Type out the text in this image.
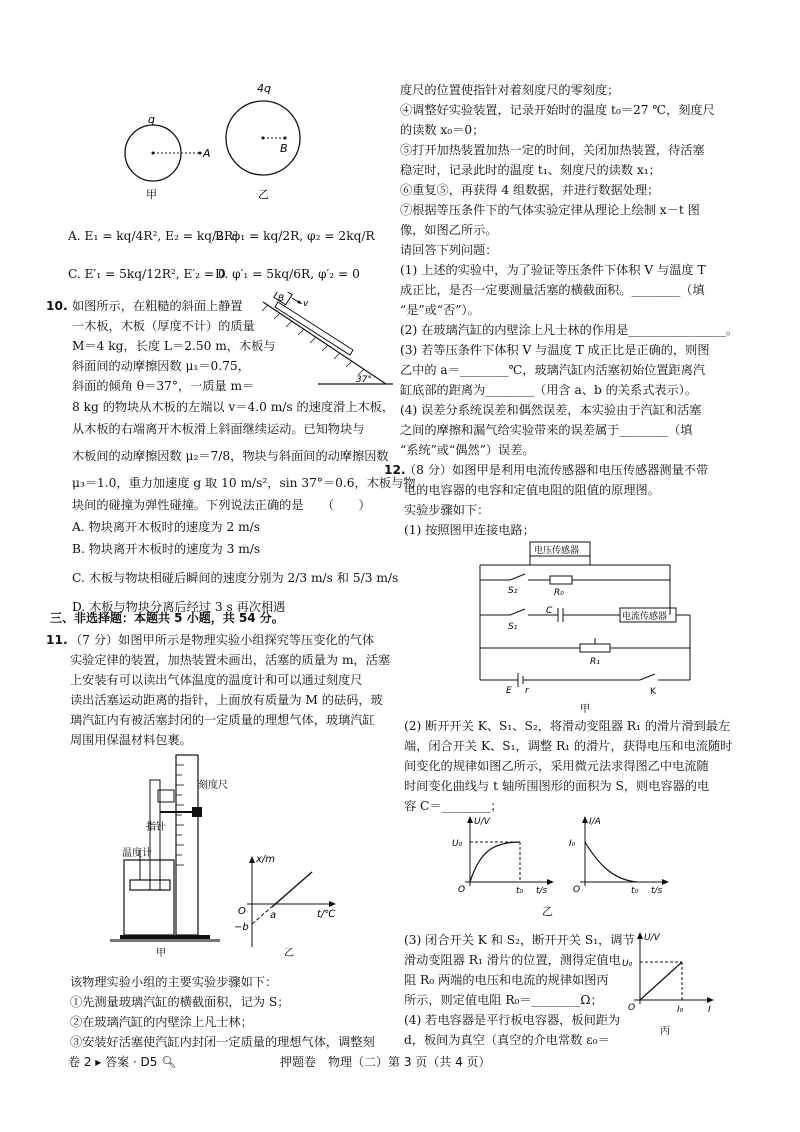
q
A
甲
4q
B
乙
A. E₁ = kq/4R², E₂ = kq/2R²
B. φ₁ = kq/2R, φ₂ = 2kq/R
C. E′₁ = 5kq/12R², E′₂ = 0
D. φ′₁ = 5kq/6R, φ′₂ = 0
10. 如图所示，在粗糙的斜面上静置
一木板，木板（厚度不计）的质量
M＝4 kg，长度 L＝2.50 m，木板与
斜面间的动摩擦因数 μ₁＝0.75，
斜面的倾角 θ＝37°，一质量 m＝
8 kg 的物块从木板的左端以 v＝4.0 m/s 的速度滑上木板，
从木板的右端离开木板滑上斜面继续运动。已知物块与
木板间的动摩擦因数 μ₂＝7/8，物块与斜面间的动摩擦因数
μ₃＝1.0，重力加速度 g 取 10 m/s²，sin 37°＝0.6，木板与物
块间的碰撞为弹性碰撞。下列说法正确的是　　（　　）
A. 物块离开木板时的速度为 2 m/s
B. 物块离开木板时的速度为 3 m/s
C. 木板与物块相碰后瞬间的速度分别为 2/3 m/s 和 5/3 m/s
D. 木板与物块分离后经过 3 s 再次相遇
B v
37°
三、非选择题：本题共 5 小题，共 54 分。
11. （7 分）如图甲所示是物理实验小组探究等压变化的气体
实验定律的装置，加热装置未画出，活塞的质量为 m，活塞
上安装有可以读出气体温度的温度计和可以通过刻度尺
读出活塞运动距离的指针，上面放有质量为 M 的砝码，玻
璃汽缸内有被活塞封闭的一定质量的理想气体，玻璃汽缸
周围用保温材料包裹。
刻度尺
指针
温度计
甲
x/m
t/℃
O a
−b
乙
该物理实验小组的主要实验步骤如下：
①先测量玻璃汽缸的横截面积，记为 S；
②在玻璃汽缸的内壁涂上凡士林；
③安装好活塞使汽缸内封闭一定质量的理想气体，调整刻
度尺的位置使指针对着刻度尺的零刻度；
④调整好实验装置，记录开始时的温度 t₀＝27 ℃，刻度尺
的读数 x₀＝0；
⑤打开加热装置加热一定的时间，关闭加热装置，待活塞
稳定时，记录此时的温度 t₁、刻度尺的读数 x₁；
⑥重复⑤，再获得 4 组数据，并进行数据处理；
⑦根据等压条件下的气体实验定律从理论上绘制 x－t 图
像，如图乙所示。
请回答下列问题：
(1) 上述的实验中，为了验证等压条件下体积 V 与温度 T
成正比，是否一定要测量活塞的横截面积。________（填
“是”或“否”）。
(2) 在玻璃汽缸的内壁涂上凡士林的作用是________________。
(3) 若等压条件下体积 V 与温度 T 成正比是正确的，则图
乙中的 a＝________℃，玻璃汽缸内活塞初始位置距离汽
缸底部的距离为________（用含 a、b 的关系式表示）。
(4) 误差分系统误差和偶然误差，本实验由于汽缸和活塞
之间的摩擦和漏气给实验带来的误差属于________（填
“系统”或“偶然”）误差。
12.
（8 分）如图甲是利用电流传感器和电压传感器测量不带
电的电容器的电容和定值电阻的阻值的原理图。
实验步骤如下：
(1) 按照图甲连接电路；
电压传感器
S₂	R₀
S₁
C
电流传感器
R₁
E r	K
甲
(2) 断开开关 K、S₁、S₂，将滑动变阻器 R₁ 的滑片滑到最左
端，闭合开关 K、S₁，调整 R₁ 的滑片，获得电压和电流随时
间变化的规律如图乙所示，采用微元法求得图乙中电流随
时间变化曲线与 t 轴所围图形的面积为 S，则电容器的电
容 C＝________；
U/V
U₀
O	t₀ t/s
I/A
I₀
O	t₀ t/s
乙
(3) 闭合开关 K 和 S₂，断开开关 S₁，调节
滑动变阻器 R₁ 滑片的位置，测得定值电
阻 R₀ 两端的电压和电流的规律如图丙
所示，则定值电阻 R₀＝________Ω；
(4) 若电容器是平行板电容器，板间距为
d，板间为真空（真空的介电常数 ε₀＝
U/V
U₀
O	I₀	I
丙
卷 2 ▸ 答案 · D5 🔍︎	押题卷　物理（二）第 3 页（共 4 页）
